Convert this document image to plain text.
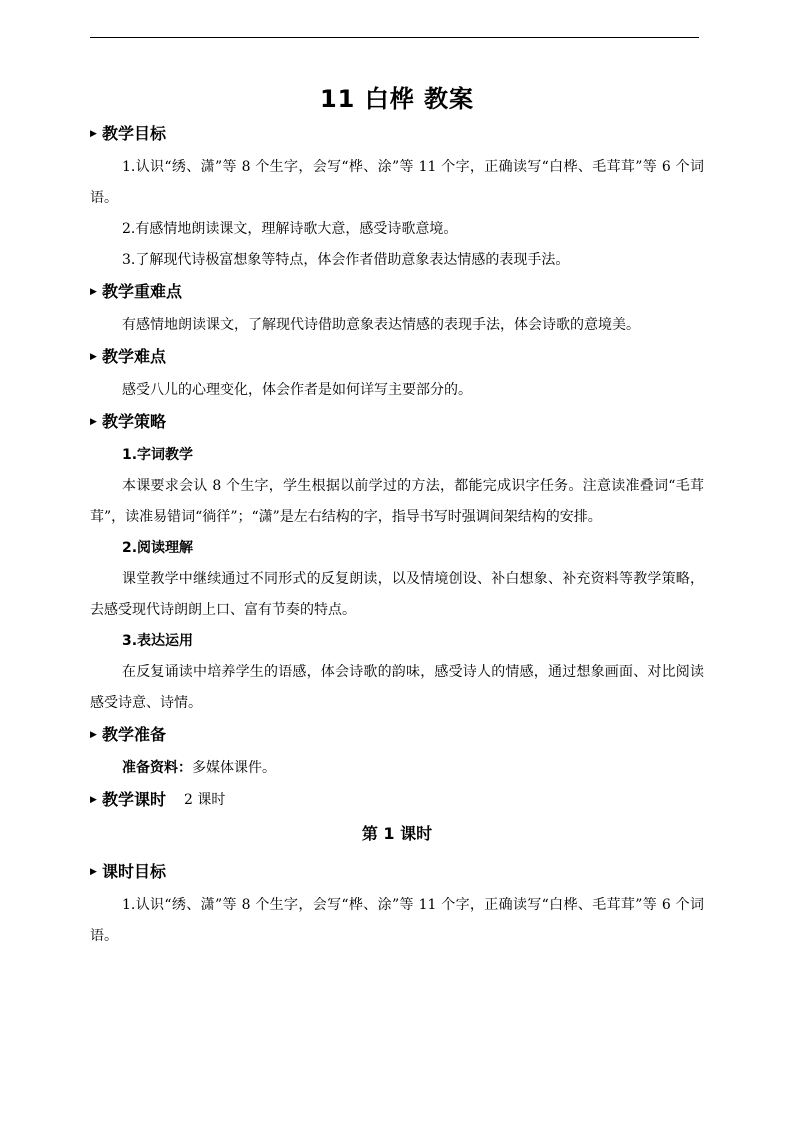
11 白桦 教案
▶ 教学目标

1.认识“绣、潇”等 8 个生字，会写“桦、涂”等 11 个字，正确读写“白桦、毛茸茸”等 6 个词语。

2.有感情地朗读课文，理解诗歌大意，感受诗歌意境。

3.了解现代诗极富想象等特点，体会作者借助意象表达情感的表现手法。

▶ 教学重难点

有感情地朗读课文，了解现代诗借助意象表达情感的表现手法，体会诗歌的意境美。

▶ 教学难点

感受八儿的心理变化，体会作者是如何详写主要部分的。

▶ 教学策略

1.字词教学

本课要求会认 8 个生字，学生根据以前学过的方法，都能完成识字任务。注意读准叠词“毛茸茸”，读准易错词“徜徉”；“潇”是左右结构的字，指导书写时强调间架结构的安排。

2.阅读理解

课堂教学中继续通过不同形式的反复朗读，以及情境创设、补白想象、补充资料等教学策略，去感受现代诗朗朗上口、富有节奏的特点。

3.表达运用

在反复诵读中培养学生的语感，体会诗歌的韵味，感受诗人的情感，通过想象画面、对比阅读感受诗意、诗情。

▶ 教学准备

准备资料：多媒体课件。

▶ 教学课时 2 课时
第 1 课时
▶ 课时目标

1.认识“绣、潇”等 8 个生字，会写“桦、涂”等 11 个字，正确读写“白桦、毛茸茸”等 6 个词语。
